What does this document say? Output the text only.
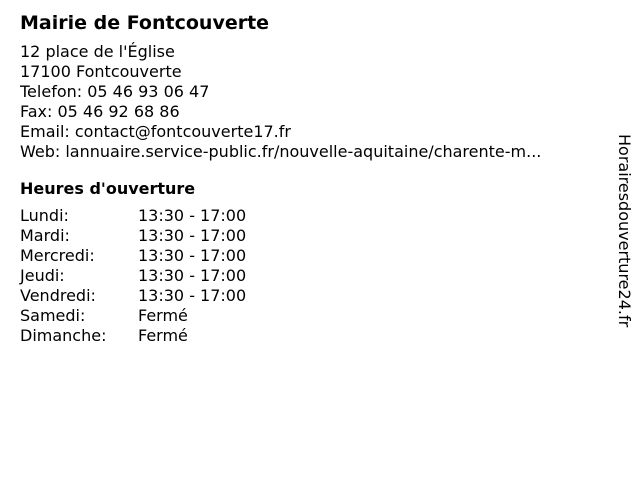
Mairie de Fontcouverte
12 place de l'Église
17100 Fontcouverte
Telefon: 05 46 93 06 47
Fax: 05 46 92 68 86
Email: contact@fontcouverte17.fr
Web: lannuaire.service-public.fr/nouvelle-aquitaine/charente-m...
Heures d'ouverture
Lundi:	13:30 - 17:00
Mardi:	13:30 - 17:00
Mercredi:	13:30 - 17:00
Jeudi:	13:30 - 17:00
Vendredi:	13:30 - 17:00
Samedi:	Fermé
Dimanche:	Fermé
Horairesdouverture24.fr
